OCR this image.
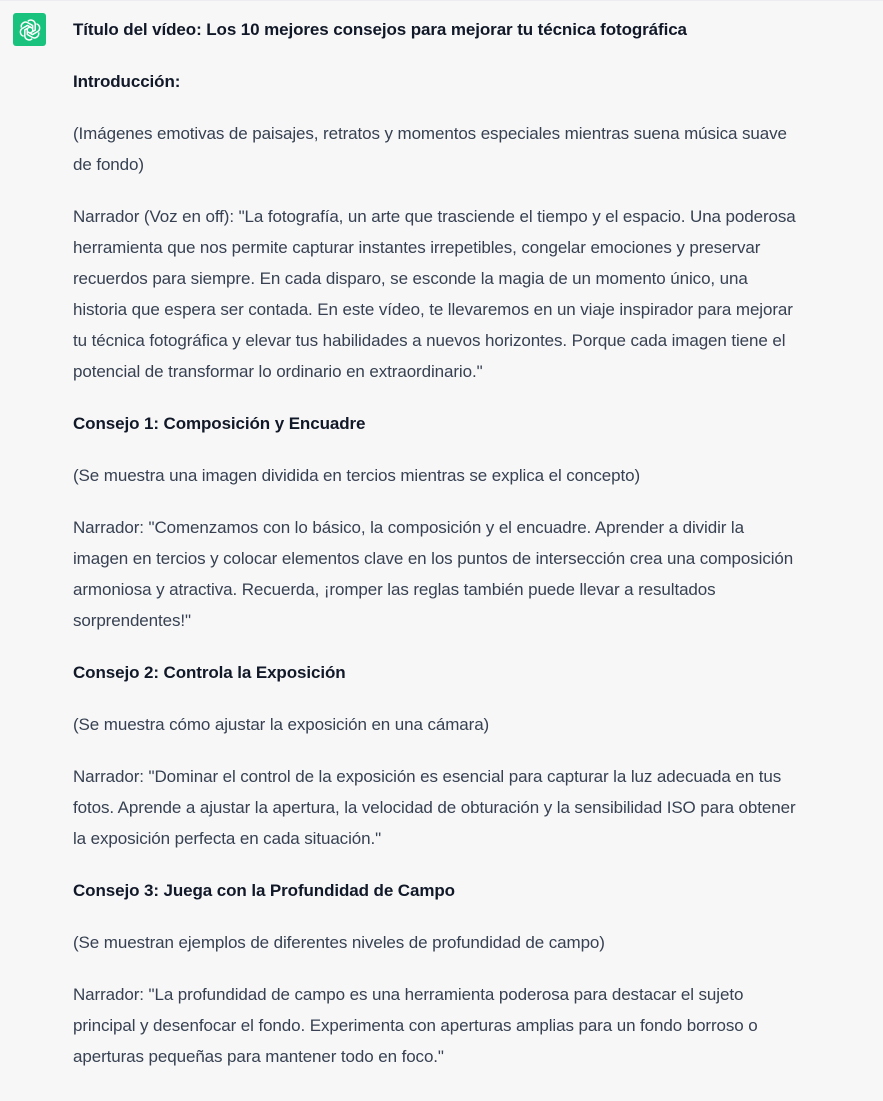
Título del vídeo: Los 10 mejores consejos para mejorar tu técnica fotográfica

Introducción:

(Imágenes emotivas de paisajes, retratos y momentos especiales mientras suena música suave de fondo)

Narrador (Voz en off): "La fotografía, un arte que trasciende el tiempo y el espacio. Una poderosa herramienta que nos permite capturar instantes irrepetibles, congelar emociones y preservar recuerdos para siempre. En cada disparo, se esconde la magia de un momento único, una historia que espera ser contada. En este vídeo, te llevaremos en un viaje inspirador para mejorar tu técnica fotográfica y elevar tus habilidades a nuevos horizontes. Porque cada imagen tiene el potencial de transformar lo ordinario en extraordinario."

Consejo 1: Composición y Encuadre

(Se muestra una imagen dividida en tercios mientras se explica el concepto)

Narrador: "Comenzamos con lo básico, la composición y el encuadre. Aprender a dividir la imagen en tercios y colocar elementos clave en los puntos de intersección crea una composición armoniosa y atractiva. Recuerda, ¡romper las reglas también puede llevar a resultados sorprendentes!"

Consejo 2: Controla la Exposición

(Se muestra cómo ajustar la exposición en una cámara)

Narrador: "Dominar el control de la exposición es esencial para capturar la luz adecuada en tus fotos. Aprende a ajustar la apertura, la velocidad de obturación y la sensibilidad ISO para obtener la exposición perfecta en cada situación."

Consejo 3: Juega con la Profundidad de Campo

(Se muestran ejemplos de diferentes niveles de profundidad de campo)

Narrador: "La profundidad de campo es una herramienta poderosa para destacar el sujeto principal y desenfocar el fondo. Experimenta con aperturas amplias para un fondo borroso o aperturas pequeñas para mantener todo en foco."
